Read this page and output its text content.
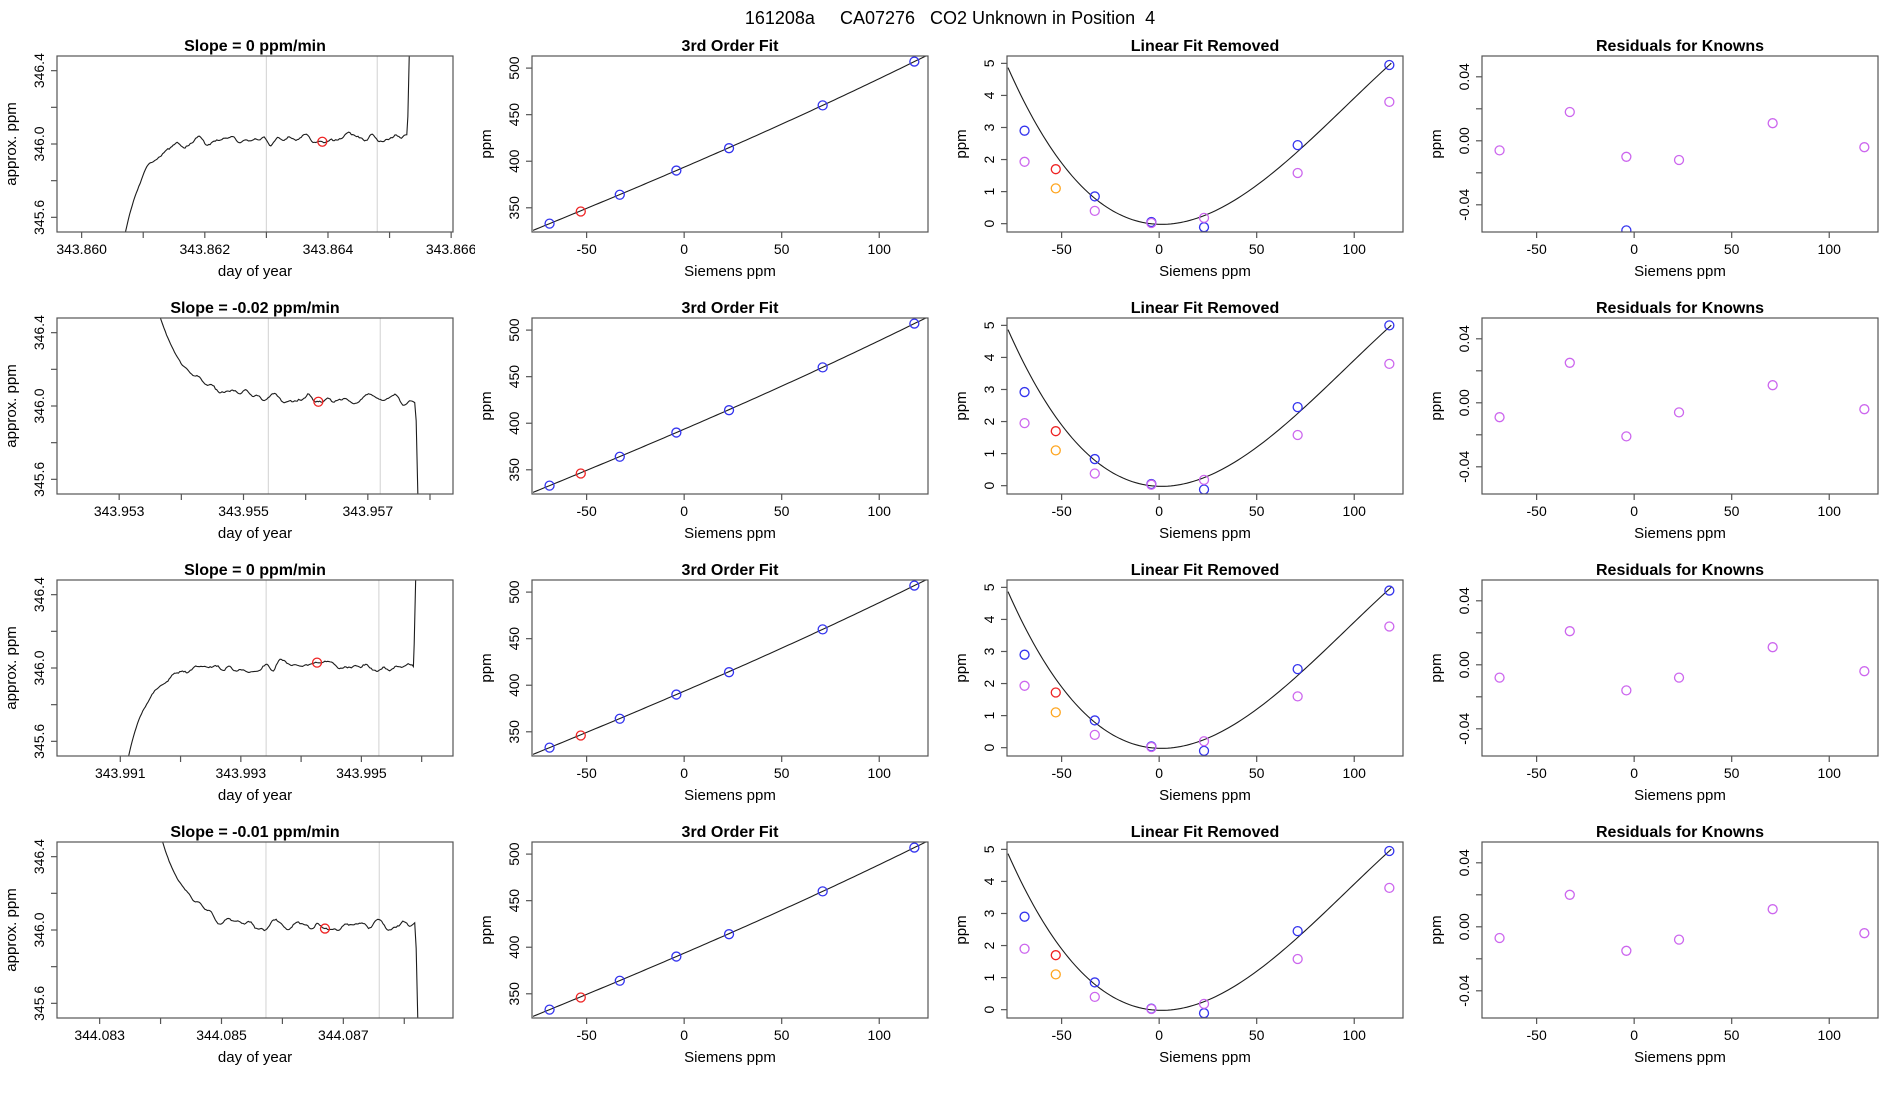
161208a     CA07276   CO2 Unknown in Position  4
343.860	343.862	343.864	343.866
345.6
346.0
346.4
Slope = 0 ppm/min
day of year
approx. ppm
-50	0	50	100
350
400
450
500
3rd Order Fit
Siemens ppm
ppm
-50	0	50	100
0
1
2
3
4
5
Linear Fit Removed
Siemens ppm
ppm
-50	0	50	100
-0.04
0.00
0.04
Residuals for Knowns
Siemens ppm
ppm
343.953	343.955	343.957
345.6
346.0
346.4
Slope = -0.02 ppm/min
day of year
approx. ppm
-50	0	50	100
350
400
450
500
3rd Order Fit
Siemens ppm
ppm
-50	0	50	100
0
1
2
3
4
5
Linear Fit Removed
Siemens ppm
ppm
-50	0	50	100
-0.04
0.00
0.04
Residuals for Knowns
Siemens ppm
ppm
343.991	343.993	343.995
345.6
346.0
346.4
Slope = 0 ppm/min
day of year
approx. ppm
-50	0	50	100
350
400
450
500
3rd Order Fit
Siemens ppm
ppm
-50	0	50	100
0
1
2
3
4
5
Linear Fit Removed
Siemens ppm
ppm
-50	0	50	100
-0.04
0.00
0.04
Residuals for Knowns
Siemens ppm
ppm
344.083	344.085	344.087
345.6
346.0
346.4
Slope = -0.01 ppm/min
day of year
approx. ppm
-50	0	50	100
350
400
450
500
3rd Order Fit
Siemens ppm
ppm
-50	0	50	100
0
1
2
3
4
5
Linear Fit Removed
Siemens ppm
ppm
-50	0	50	100
-0.04
0.00
0.04
Residuals for Knowns
Siemens ppm
ppm
